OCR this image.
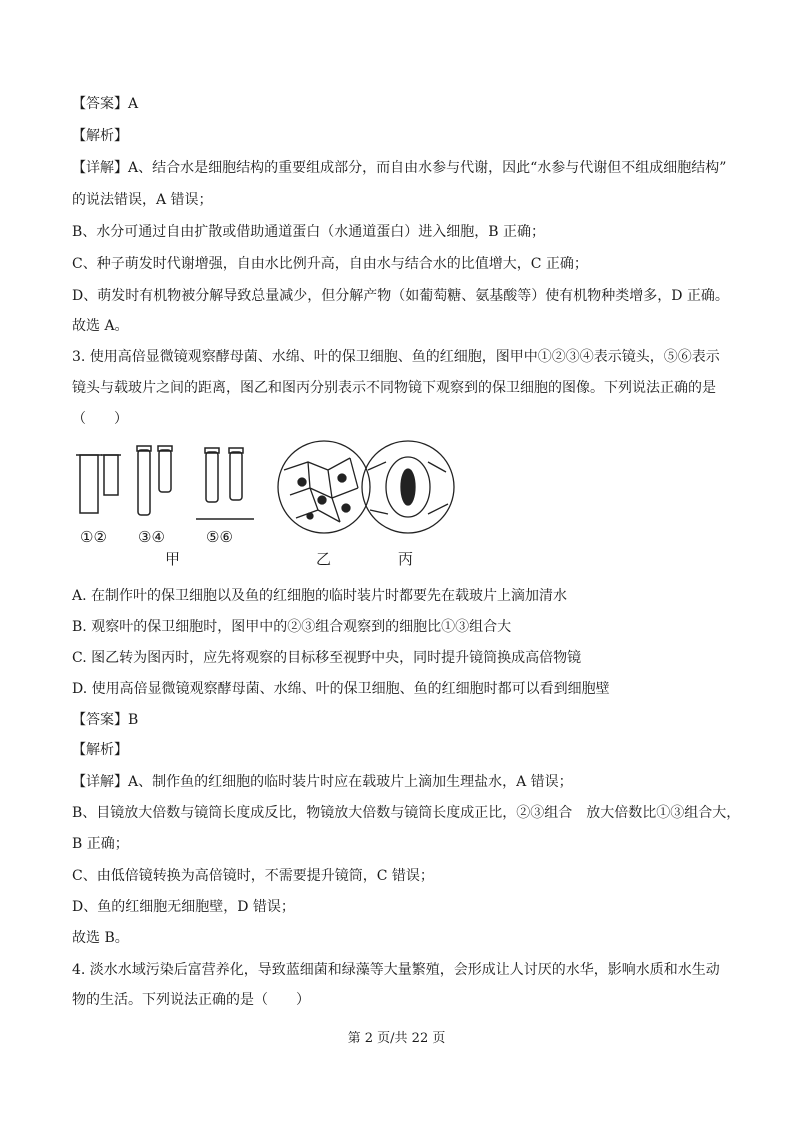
【答案】A
【解析】
【详解】A、结合水是细胞结构的重要组成部分，而自由水参与代谢，因此“水参与代谢但不组成细胞结构”
的说法错误，A 错误；
B、水分可通过自由扩散或借助通道蛋白（水通道蛋白）进入细胞，B 正确；
C、种子萌发时代谢增强，自由水比例升高，自由水与结合水的比值增大，C 正确；
D、萌发时有机物被分解导致总量减少，但分解产物（如葡萄糖、氨基酸等）使有机物种类增多，D 正确。
故选 A。
3. 使用高倍显微镜观察酵母菌、水绵、叶的保卫细胞、鱼的红细胞，图甲中①②③④表示镜头，⑤⑥表示
镜头与载玻片之间的距离，图乙和图丙分别表示不同物镜下观察到的保卫细胞的图像。下列说法正确的是
（　　）
①② ③④	⑤⑥
甲	乙	丙
A. 在制作叶的保卫细胞以及鱼的红细胞的临时装片时都要先在载玻片上滴加清水
B. 观察叶的保卫细胞时，图甲中的②③组合观察到的细胞比①③组合大
C. 图乙转为图丙时，应先将观察的目标移至视野中央，同时提升镜筒换成高倍物镜
D. 使用高倍显微镜观察酵母菌、水绵、叶的保卫细胞、鱼的红细胞时都可以看到细胞壁
【答案】B
【解析】
【详解】A、制作鱼的红细胞的临时装片时应在载玻片上滴加生理盐水，A 错误；
B、目镜放大倍数与镜筒长度成反比，物镜放大倍数与镜筒长度成正比，②③组合　放大倍数比①③组合大，
B 正确；
C、由低倍镜转换为高倍镜时，不需要提升镜筒，C 错误；
D、鱼的红细胞无细胞壁，D 错误；
故选 B。
4. 淡水水域污染后富营养化，导致蓝细菌和绿藻等大量繁殖，会形成让人讨厌的水华，影响水质和水生动
物的生活。下列说法正确的是（　　）
第 2 页/共 22 页
